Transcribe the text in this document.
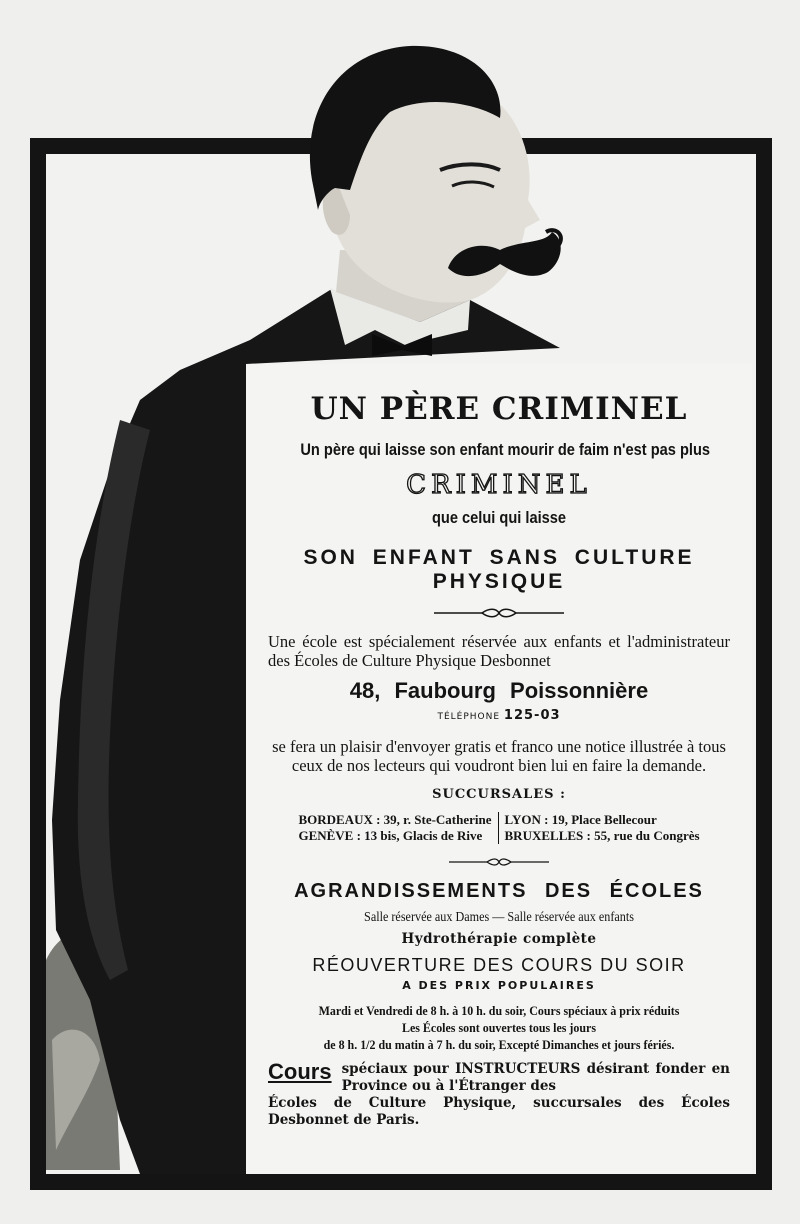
UN PÈRE CRIMINEL
Un père qui laisse son enfant mourir de faim n'est pas plus
CRIMINEL
que celui qui laisse
SON ENFANT SANS CULTURE PHYSIQUE
Une école est spécialement réservée aux enfants et l'administrateur des Écoles de Culture Physique Desbonnet
48, Faubourg Poissonnière
TÉLÉPHONE 125-03
se fera un plaisir d'envoyer gratis et franco une notice illustrée à tous ceux de nos lecteurs qui voudront bien lui en faire la demande.
SUCCURSALES :
BORDEAUX : 39, r. Ste-Catherine
GENÈVE : 13 bis, Glacis de Rive
LYON : 19, Place Bellecour
BRUXELLES : 55, rue du Congrès
AGRANDISSEMENTS DES ÉCOLES
Salle réservée aux Dames — Salle réservée aux enfants
Hydrothérapie complète
RÉOUVERTURE DES COURS DU SOIR
A DES PRIX POPULAIRES
Mardi et Vendredi de 8 h. à 10 h. du soir, Cours spéciaux à prix réduits
Les Écoles sont ouvertes tous les jours
de 8 h. 1/2 du matin à 7 h. du soir, Excepté Dimanches et jours fériés.
Cours spéciaux pour INSTRUCTEURS désirant fonder en Province ou à l'Étranger des
Écoles de Culture Physique, succursales des Écoles Desbonnet de Paris.
